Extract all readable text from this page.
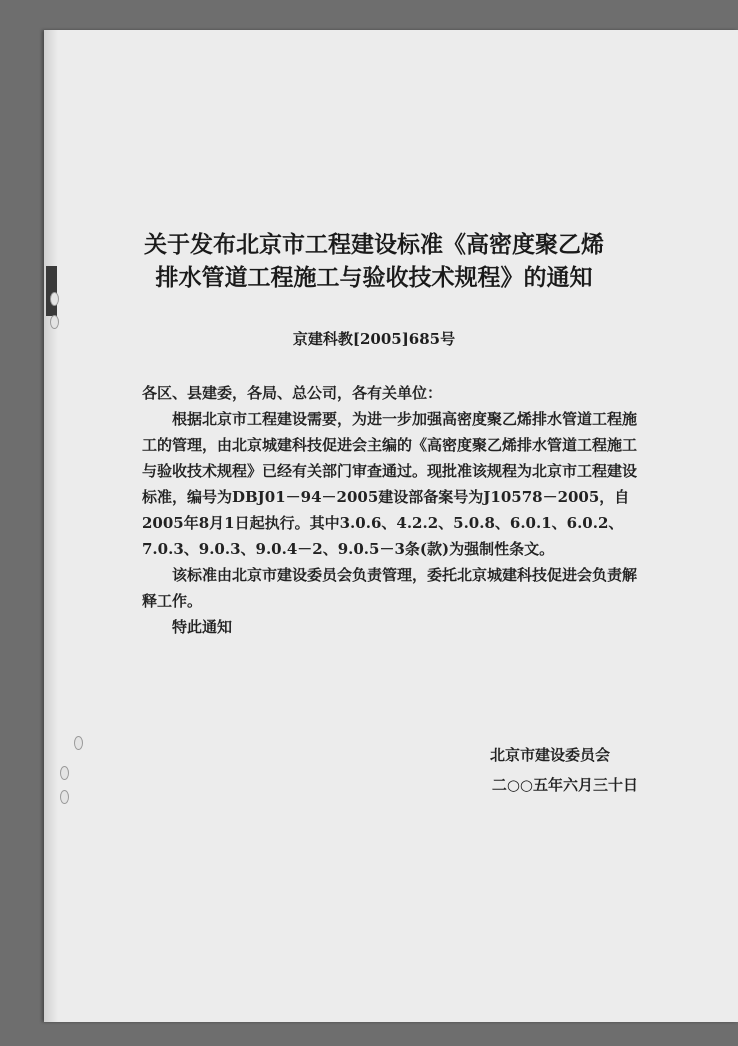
关于发布北京市工程建设标准《高密度聚乙烯
排水管道工程施工与验收技术规程》的通知
京建科教[2005]685号

各区、县建委，各局、总公司，各有关单位：

根据北京市工程建设需要，为进一步加强高密度聚乙烯排水管道工程施工的管理，由北京城建科技促进会主编的《高密度聚乙烯排水管道工程施工与验收技术规程》已经有关部门审查通过。现批准该规程为北京市工程建设标准，编号为DBJ01－94－2005建设部备案号为J10578－2005，自2005年8月1日起执行。其中3.0.6、4.2.2、5.0.8、6.0.1、6.0.2、7.0.3、9.0.3、9.0.4－2、9.0.5－3条(款)为强制性条文。

该标准由北京市建设委员会负责管理，委托北京城建科技促进会负责解释工作。

特此通知

北京市建设委员会
二○○五年六月三十日
